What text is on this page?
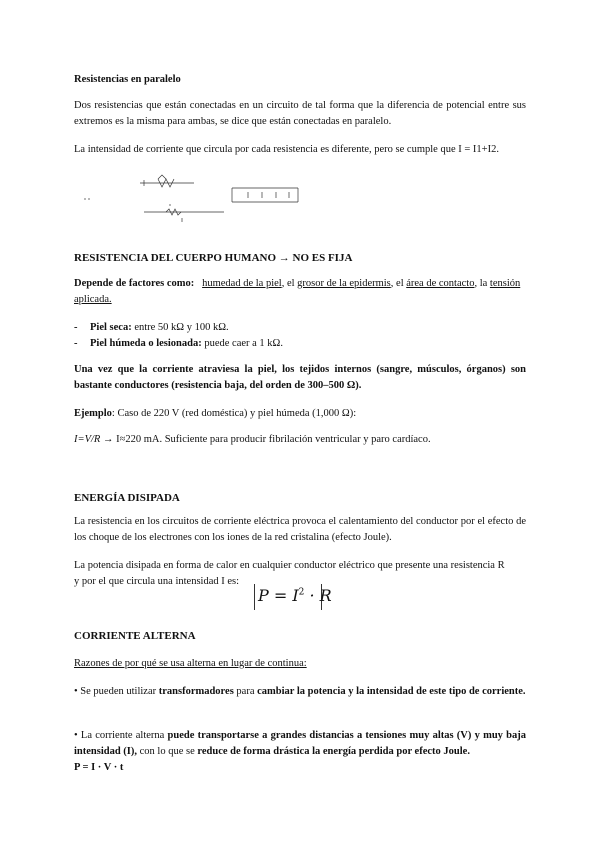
Resistencias en paralelo

Dos resistencias que están conectadas en un circuito de tal forma que la diferencia de potencial entre sus extremos es la misma para ambas, se dice que están conectadas en paralelo.

La intensidad de corriente que circula por cada resistencia es diferente, pero se cumple que I = I1+I2.

RESISTENCIA DEL CUERPO HUMANO → NO ES FIJA

Depende de factores como: humedad de la piel, el grosor de la epidermis, el área de contacto, la tensión aplicada.

- Piel seca: entre 50 kΩ y 100 kΩ.
- Piel húmeda o lesionada: puede caer a 1 kΩ.

Una vez que la corriente atraviesa la piel, los tejidos internos (sangre, músculos, órganos) son bastante conductores (resistencia baja, del orden de 300–500 Ω).

Ejemplo: Caso de 220 V (red doméstica) y piel húmeda (1,000 Ω):

I=V/R → I≈220 mA. Suficiente para producir fibrilación ventricular y paro cardíaco.

ENERGÍA DISIPADA

La resistencia en los circuitos de corriente eléctrica provoca el calentamiento del conductor por el efecto de los choque de los electrones con los iones de la red cristalina (efecto Joule).

La potencia disipada en forma de calor en cualquier conductor eléctrico que presente una resistencia R

y por el que circula una intensidad I es:

$P = I^2 \cdot R$
CORRIENTE ALTERNA

Razones de por qué se usa alterna en lugar de continua:

• Se pueden utilizar transformadores para cambiar la potencia y la intensidad de este tipo de corriente.

• La corriente alterna puede transportarse a grandes distancias a tensiones muy altas (V) y muy baja intensidad (I), con lo que se reduce de forma drástica la energía perdida por efecto Joule.
P = I · V · t
